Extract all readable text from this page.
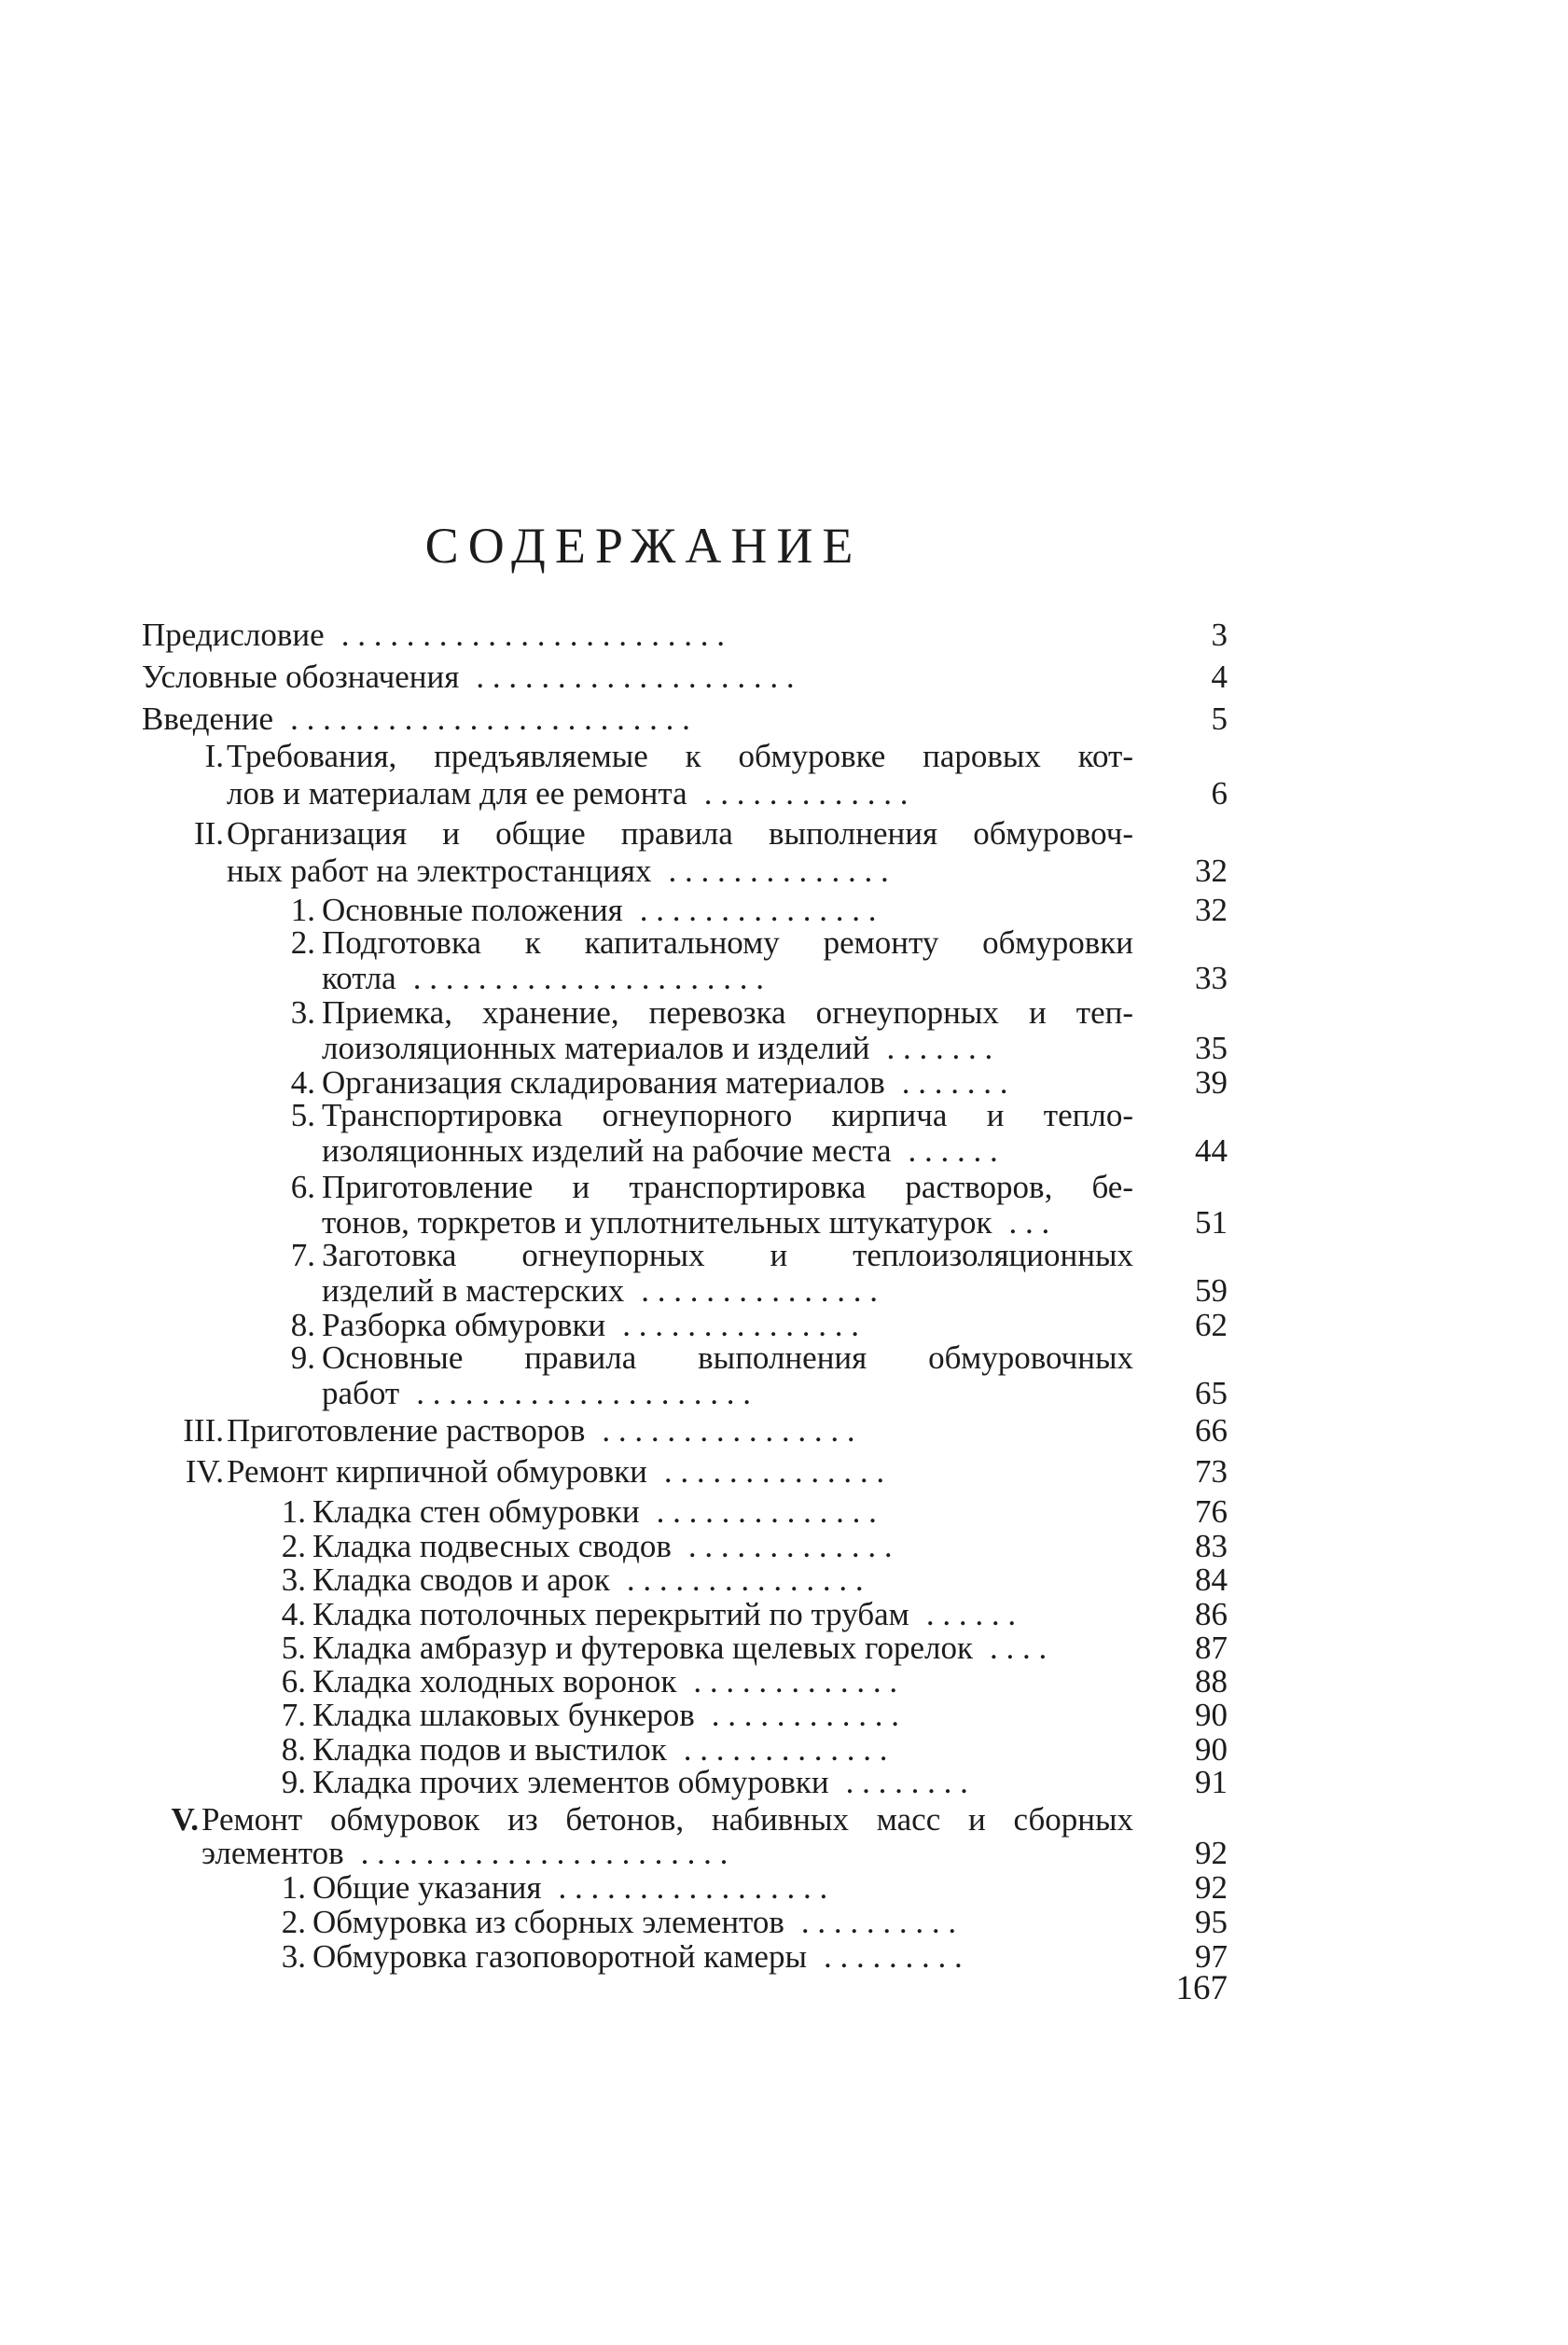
СОДЕРЖАНИЕ
Предисловие . . . . . . . . . . . . . . . . . . . . . . . .	3
Условные обозначения . . . . . . . . . . . . . . . . . . . .	4
Введение . . . . . . . . . . . . . . . . . . . . . . . . .	5
I. Требования, предъявляемые к обмуровке паровых кот-
лов и материалам для ее ремонта . . . . . . . . . . . . .	6
II. Организация и общие правила выполнения обмуровоч-
ных работ на электростанциях . . . . . . . . . . . . . .	32
1. Основные положения . . . . . . . . . . . . . . .	32
2. Подготовка к капитальному ремонту обмуровки
котла . . . . . . . . . . . . . . . . . . . . . .	33
3. Приемка, хранение, перевозка огнеупорных и теп-
лоизоляционных материалов и изделий . . . . . . .	35
4. Организация складирования материалов . . . . . . .	39
5. Транспортировка огнеупорного кирпича и тепло-
изоляционных изделий на рабочие места . . . . . .	44
6. Приготовление и транспортировка растворов, бе-
тонов, торкретов и уплотнительных штукатурок . . .	51
7. Заготовка огнеупорных и теплоизоляционных
изделий в мастерских . . . . . . . . . . . . . . .	59
8. Разборка обмуровки . . . . . . . . . . . . . . .	62
9. Основные правила выполнения обмуровочных
работ . . . . . . . . . . . . . . . . . . . . .	65
III. Приготовление растворов . . . . . . . . . . . . . . . .	66
IV. Ремонт кирпичной обмуровки . . . . . . . . . . . . . .	73
1. Кладка стен обмуровки . . . . . . . . . . . . . .	76
2. Кладка подвесных сводов . . . . . . . . . . . . .	83
3. Кладка сводов и арок . . . . . . . . . . . . . . .	84
4. Кладка потолочных перекрытий по трубам . . . . . .	86
5. Кладка амбразур и футеровка щелевых горелок . . . .	87
6. Кладка холодных воронок . . . . . . . . . . . . .	88
7. Кладка шлаковых бункеров . . . . . . . . . . . .	90
8. Кладка подов и выстилок . . . . . . . . . . . . .	90
9. Кладка прочих элементов обмуровки . . . . . . . .	91
V. Ремонт обмуровок из бетонов, набивных масс и сборных
элементов . . . . . . . . . . . . . . . . . . . . . . .	92
1. Общие указания . . . . . . . . . . . . . . . . .	92
2. Обмуровка из сборных элементов . . . . . . . . . .	95
3. Обмуровка газоповоротной камеры . . . . . . . . .	97
167
